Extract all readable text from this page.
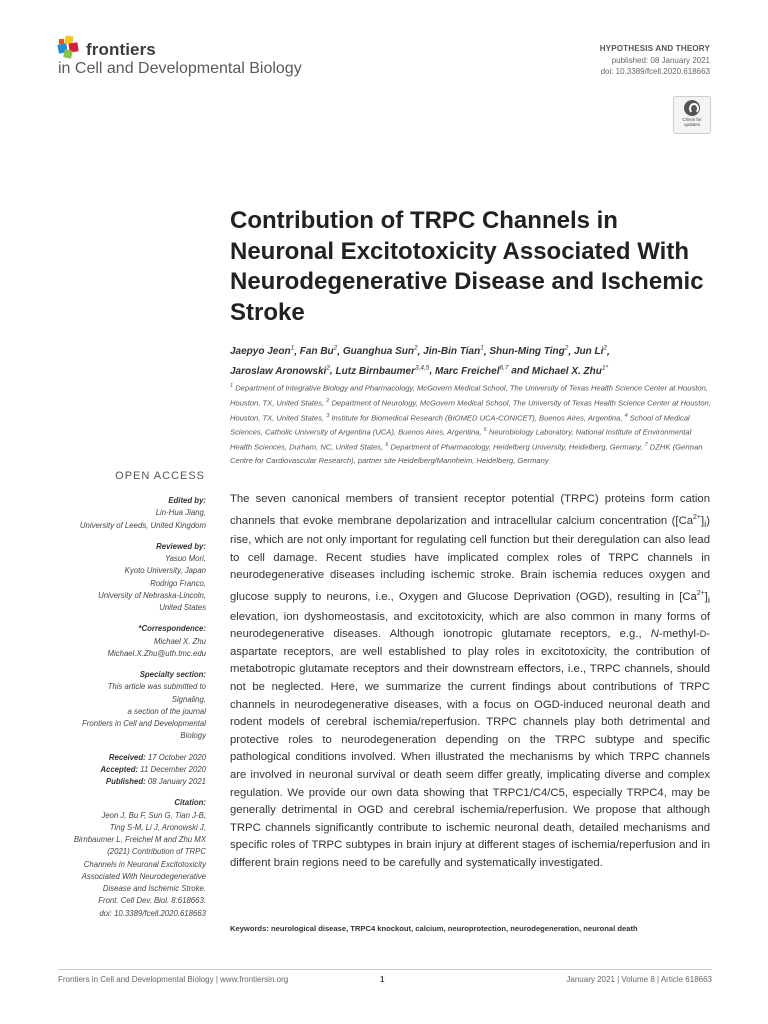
frontiers
in Cell and Developmental Biology
HYPOTHESIS AND THEORY
published: 08 January 2021
doi: 10.3389/fcell.2020.618663
Check for updates
Contribution of TRPC Channels in Neuronal Excitotoxicity Associated With Neurodegenerative Disease and Ischemic Stroke
Jaepyo Jeon$^1$, Fan Bu$^2$, Guanghua Sun$^2$, Jin-Bin Tian$^1$, Shun-Ming Ting$^2$, Jun Li$^2$,
Jaroslaw Aronowski$^2$, Lutz Birnbaumer$^{3,4,5}$, Marc Freichel$^{6,7}$ and Michael X. Zhu$^{1*}$
$^1$ Department of Integrative Biology and Pharmacology, McGovern Medical School, The University of Texas Health Science Center at Houston, Houston, TX, United States, $^2$ Department of Neurology, McGovern Medical School, The University of Texas Health Science Center at Houston, Houston, TX, United States, $^3$ Institute for Biomedical Research (BIOMED UCA-CONICET), Buenos Aires, Argentina, $^4$ School of Medical Sciences, Catholic University of Argentina (UCA), Buenos Aires, Argentina, $^5$ Neurobiology Laboratory, National Institute of Environmental Health Sciences, Durham, NC, United States, $^6$ Department of Pharmacology, Heidelberg University, Heidelberg, Germany, $^7$ DZHK (German Centre for Cardiovascular Research), partner site Heidelberg/Mannheim, Heidelberg, Germany
OPEN ACCESS
Edited by:
Lin-Hua Jiang,
University of Leeds, United Kingdom
Reviewed by:
Yasuo Mori,
Kyoto University, Japan
Rodrigo Franco,
University of Nebraska-Lincoln,
United States
*Correspondence:
Michael X. Zhu
Michael.X.Zhu@uth.tmc.edu
Specialty section:
This article was submitted to
Signaling,
a section of the journal
Frontiers in Cell and Developmental
Biology
Received: 17 October 2020
Accepted: 11 December 2020
Published: 08 January 2021
Citation:
Jeon J, Bu F, Sun G, Tian J-B,
Ting S-M, Li J, Aronowski J,
Birnbaumer L, Freichel M and Zhu MX
(2021) Contribution of TRPC
Channels in Neuronal Excitotoxicity
Associated With Neurodegenerative
Disease and Ischemic Stroke.
Front. Cell Dev. Biol. 8:618663.
doi: 10.3389/fcell.2020.618663
The seven canonical members of transient receptor potential (TRPC) proteins form cation channels that evoke membrane depolarization and intracellular calcium concentration $([Ca^{2+}]_i)$ rise, which are not only important for regulating cell function but their deregulation can also lead to cell damage. Recent studies have implicated complex roles of TRPC channels in neurodegenerative diseases including ischemic stroke. Brain ischemia reduces oxygen and glucose supply to neurons, i.e., Oxygen and Glucose Deprivation (OGD), resulting in $[Ca^{2+}]_i$ elevation, ion dyshomeostasis, and excitotoxicity, which are also common in many forms of neurodegenerative diseases. Although ionotropic glutamate receptors, e.g., N-methyl-D-aspartate receptors, are well established to play roles in excitotoxicity, the contribution of metabotropic glutamate receptors and their downstream effectors, i.e., TRPC channels, should not be neglected. Here, we summarize the current findings about contributions of TRPC channels in neurodegenerative diseases, with a focus on OGD-induced neuronal death and rodent models of cerebral ischemia/reperfusion. TRPC channels play both detrimental and protective roles to neurodegeneration depending on the TRPC subtype and specific pathological conditions involved. When illustrated the mechanisms by which TRPC channels are involved in neuronal survival or death seem differ greatly, implicating diverse and complex regulation. We provide our own data showing that TRPC1/C4/C5, especially TRPC4, may be generally detrimental in OGD and cerebral ischemia/reperfusion. We propose that although TRPC channels significantly contribute to ischemic neuronal death, detailed mechanisms and specific roles of TRPC subtypes in brain injury at different stages of ischemia/reperfusion and in different brain regions need to be carefully and systematically investigated.
Keywords: neurological disease, TRPC4 knockout, calcium, neuroprotection, neurodegeneration, neuronal death
Frontiers in Cell and Developmental Biology | www.frontiersin.org	1	January 2021 | Volume 8 | Article 618663
